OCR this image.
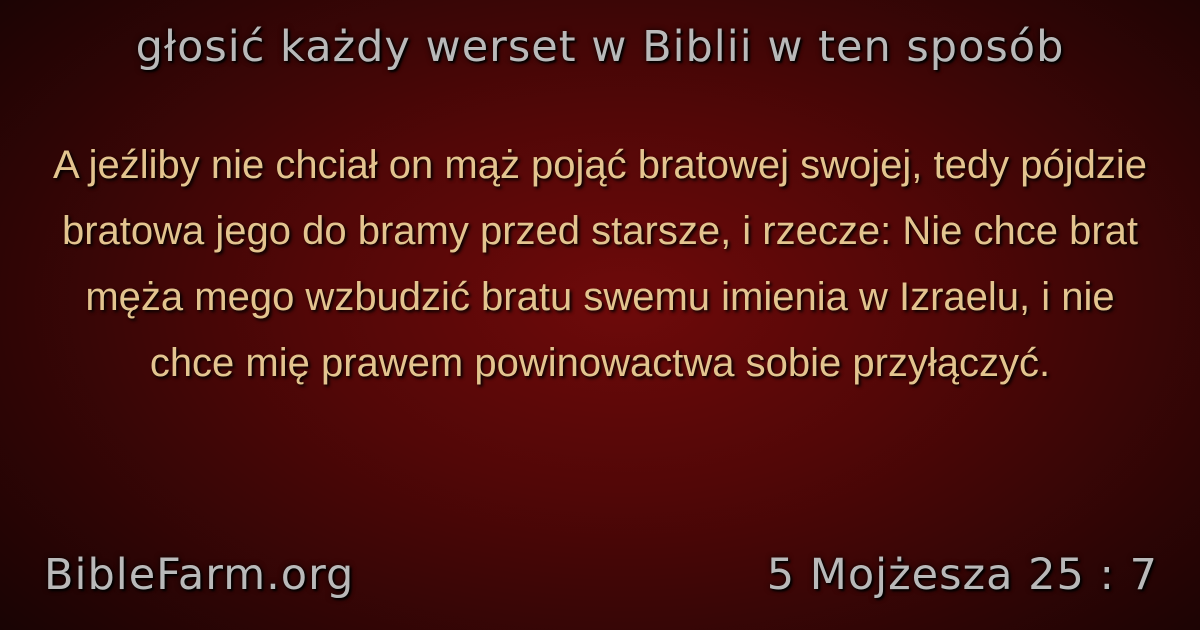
głosić każdy werset w Biblii w ten sposób
A jeźliby nie chciał on mąż pojąć bratowej swojej, tedy pójdzie bratowa jego do bramy przed starsze, i rzecze: Nie chce brat męża mego wzbudzić bratu swemu imienia w Izraelu, i nie chce mię prawem powinowactwa sobie przyłączyć.
BibleFarm.org	5 Mojżesza 25 : 7
